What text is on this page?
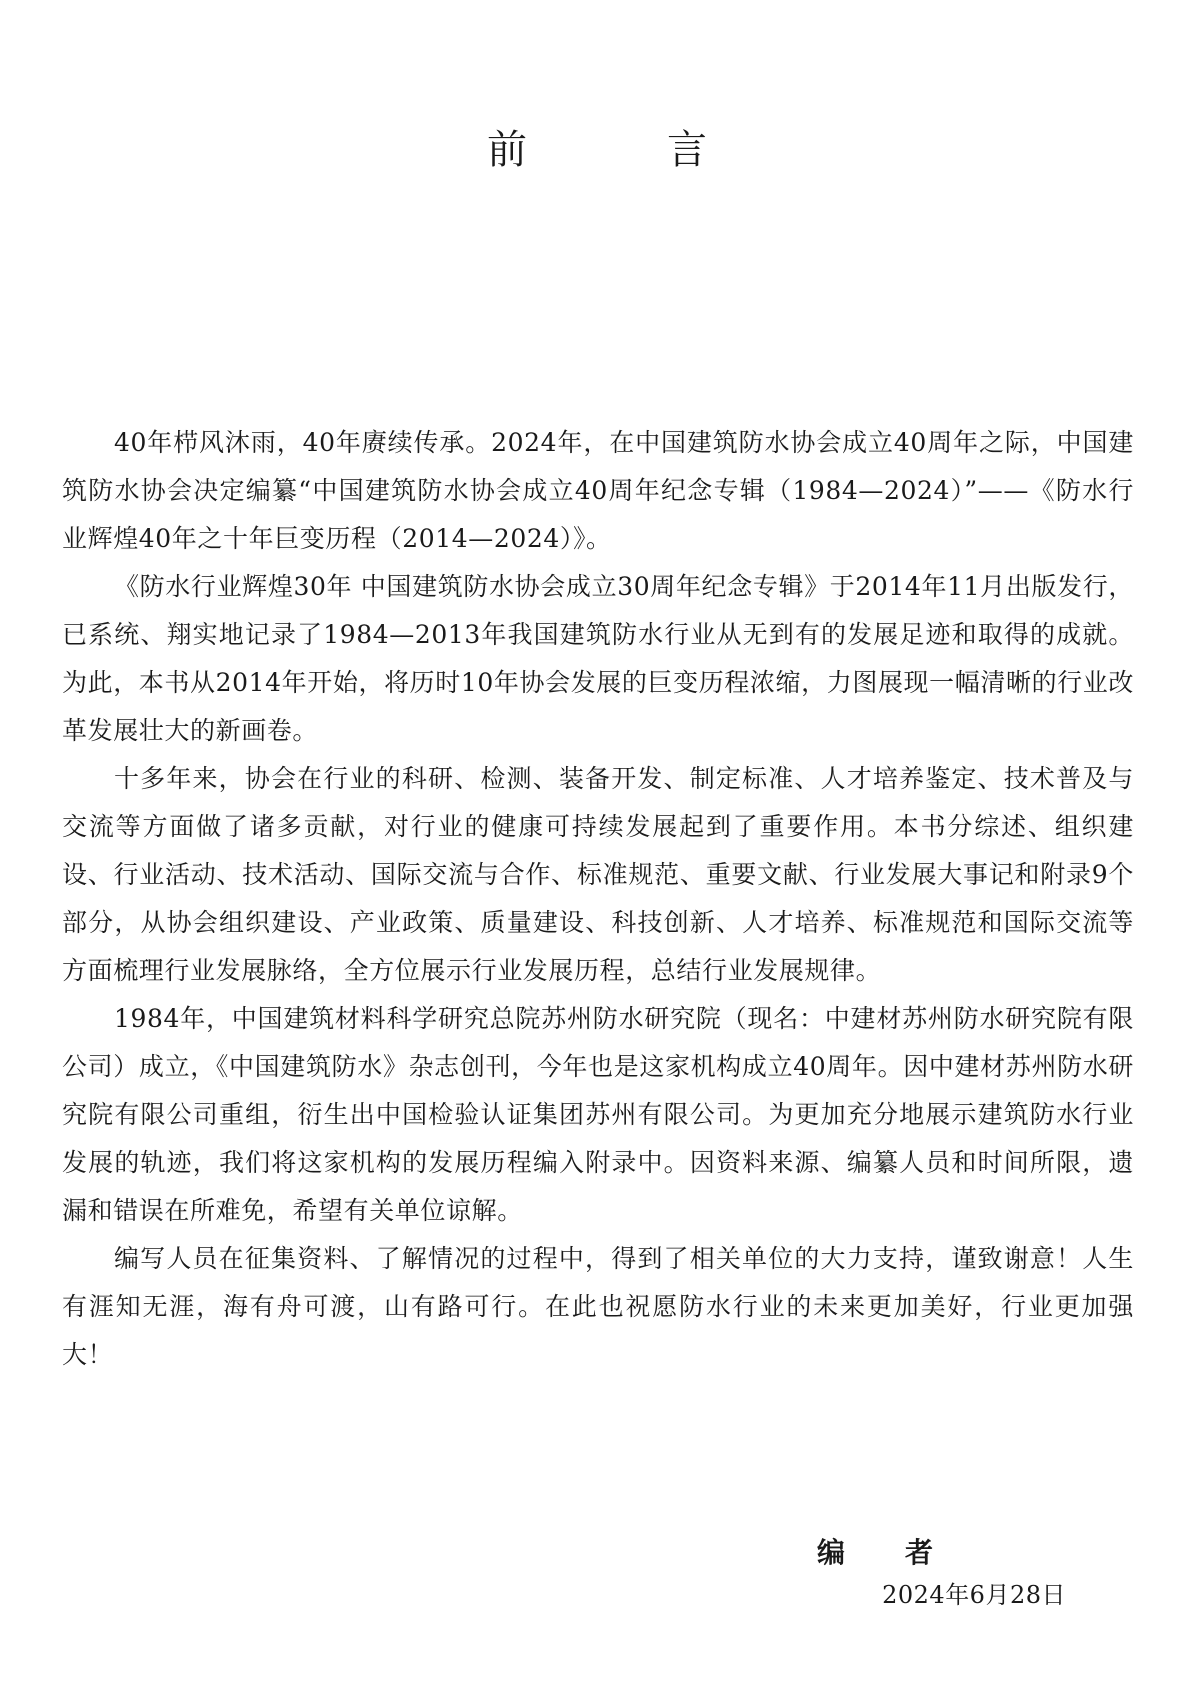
前　言

40年栉风沐雨，40年赓续传承。2024年，在中国建筑防水协会成立40周年之际，中国建筑防水协会决定编纂“中国建筑防水协会成立40周年纪念专辑（1984—2024）”——《防水行业辉煌40年之十年巨变历程（2014—2024）》。

《防水行业辉煌30年 中国建筑防水协会成立30周年纪念专辑》于2014年11月出版发行，已系统、翔实地记录了1984—2013年我国建筑防水行业从无到有的发展足迹和取得的成就。为此，本书从2014年开始，将历时10年协会发展的巨变历程浓缩，力图展现一幅清晰的行业改革发展壮大的新画卷。

十多年来，协会在行业的科研、检测、装备开发、制定标准、人才培养鉴定、技术普及与交流等方面做了诸多贡献，对行业的健康可持续发展起到了重要作用。本书分综述、组织建设、行业活动、技术活动、国际交流与合作、标准规范、重要文献、行业发展大事记和附录9个部分，从协会组织建设、产业政策、质量建设、科技创新、人才培养、标准规范和国际交流等方面梳理行业发展脉络，全方位展示行业发展历程，总结行业发展规律。

1984年，中国建筑材料科学研究总院苏州防水研究院（现名：中建材苏州防水研究院有限公司）成立，《中国建筑防水》杂志创刊，今年也是这家机构成立40周年。因中建材苏州防水研究院有限公司重组，衍生出中国检验认证集团苏州有限公司。为更加充分地展示建筑防水行业发展的轨迹，我们将这家机构的发展历程编入附录中。因资料来源、编纂人员和时间所限，遗漏和错误在所难免，希望有关单位谅解。

编写人员在征集资料、了解情况的过程中，得到了相关单位的大力支持，谨致谢意！人生有涯知无涯，海有舟可渡，山有路可行。在此也祝愿防水行业的未来更加美好，行业更加强大！

编　者
2024年6月28日
